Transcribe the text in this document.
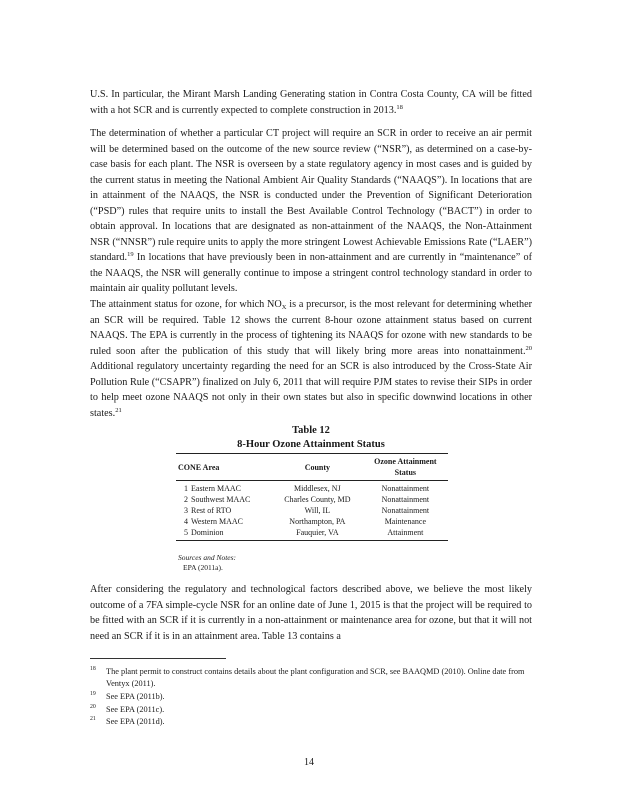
U.S. In particular, the Mirant Marsh Landing Generating station in Contra Costa County, CA will be fitted with a hot SCR and is currently expected to complete construction in 2013.18

The determination of whether a particular CT project will require an SCR in order to receive an air permit will be determined based on the outcome of the new source review (“NSR”), as determined on a case-by-case basis for each plant. The NSR is overseen by a state regulatory agency in most cases and is guided by the current status in meeting the National Ambient Air Quality Standards (“NAAQS”). In locations that are in attainment of the NAAQS, the NSR is conducted under the Prevention of Significant Deterioration (“PSD”) rules that require units to install the Best Available Control Technology (“BACT”) in order to obtain approval. In locations that are designated as non-attainment of the NAAQS, the Non-Attainment NSR (“NNSR”) rule require units to apply the more stringent Lowest Achievable Emissions Rate (“LAER”) standard.$^{19}$ In locations that have previously been in non-attainment and are currently in “maintenance” of the NAAQS, the NSR will generally continue to impose a stringent control technology standard in order to maintain air quality pollutant levels.

The attainment status for ozone, for which $NO_X$ is a precursor, is the most relevant for determining whether an SCR will be required. Table 12 shows the current 8-hour ozone attainment status based on current NAAQS. The EPA is currently in the process of tightening its NAAQS for ozone with new standards to be ruled soon after the publication of this study that will likely bring more areas into nonattainment.$^{20}$ Additional regulatory uncertainty regarding the need for an SCR is also introduced by the Cross-State Air Pollution Rule (“CSAPR”) finalized on July 6, 2011 that will require PJM states to revise their SIPs in order to help meet ozone NAAQS not only in their own states but also in specific downwind locations in other states.$^{21}$

Table 12
8-Hour Ozone Attainment Status
CONE Area		County	Ozone Attainment
Status
1	Eastern MAAC	Middlesex, NJ	Nonattainment
2	Southwest MAAC	Charles County, MD	Nonattainment
3	Rest of RTO	Will, IL	Nonattainment
4	Western MAAC	Northampton, PA	Maintenance
5	Dominion	Fauquier, VA	Attainment
Sources and Notes:
EPA (2011a).

After considering the regulatory and technological factors described above, we believe the most likely outcome of a 7FA simple-cycle NSR for an online date of June 1, 2015 is that the project will be required to be fitted with an SCR if it is currently in a non-attainment or maintenance area for ozone, but that it will not need an SCR if it is in an attainment area. Table 13 contains a

18 The plant permit to construct contains details about the plant configuration and SCR, see BAAQMD (2010). Online date from Ventyx (2011).
19 See EPA (2011b).
20 See EPA (2011c).
21 See EPA (2011d).
14
